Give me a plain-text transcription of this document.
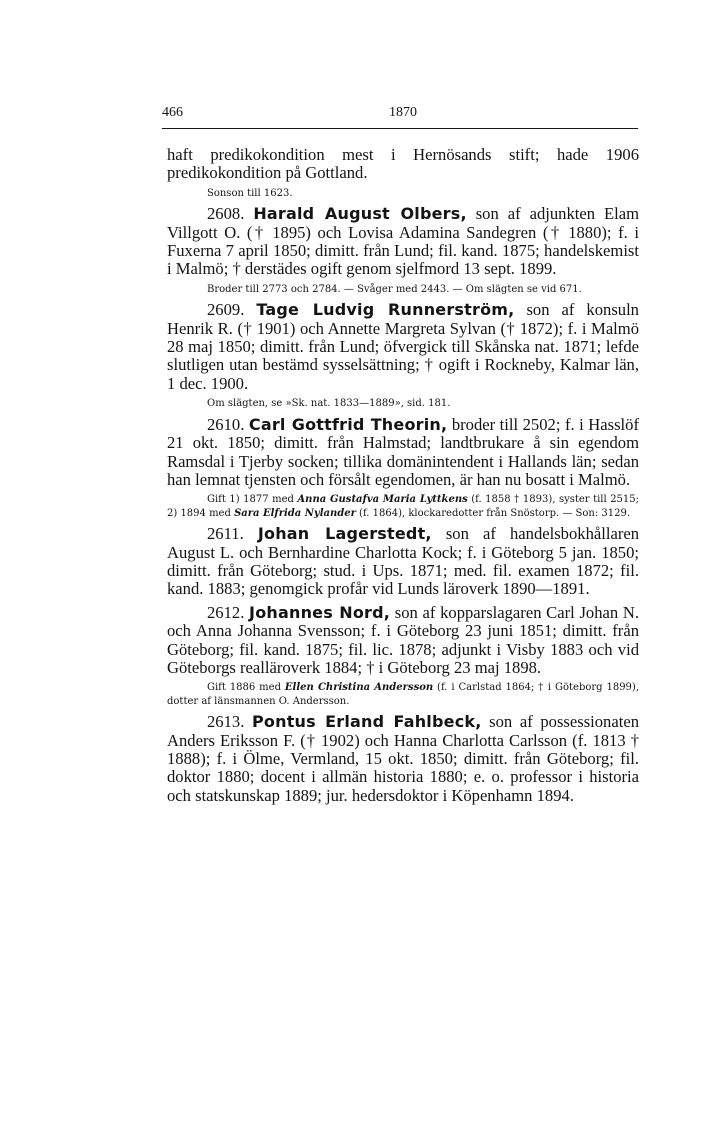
466	1870

haft predikokondition mest i Hernösands stift; hade 1906 predikokondition på Gottland.

Sonson till 1623.

2608. Harald August Olbers, son af adjunkten Elam Villgott O. († 1895) och Lovisa Adamina Sandegren († 1880); f. i Fuxerna 7 april 1850; dimitt. från Lund; fil. kand. 1875; handelskemist i Malmö; † derstädes ogift genom sjelfmord 13 sept. 1899.

Broder till 2773 och 2784. — Svåger med 2443. — Om slägten se vid 671.

2609. Tage Ludvig Runnerström, son af konsuln Henrik R. († 1901) och Annette Margreta Sylvan († 1872); f. i Malmö 28 maj 1850; dimitt. från Lund; öfvergick till Skånska nat. 1871; lefde slutligen utan bestämd sysselsättning; † ogift i Rockneby, Kalmar län, 1 dec. 1900.

Om slägten, se »Sk. nat. 1833—1889», sid. 181.

2610. Carl Gottfrid Theorin, broder till 2502; f. i Hasslöf 21 okt. 1850; dimitt. från Halmstad; landtbrukare å sin egendom Ramsdal i Tjerby socken; tillika domänintendent i Hallands län; sedan han lemnat tjensten och försålt egendomen, är han nu bosatt i Malmö.

Gift 1) 1877 med Anna Gustafva Maria Lyttkens (f. 1858 † 1893), syster till 2515; 2) 1894 med Sara Elfrida Nylander (f. 1864), klockaredotter från Snöstorp. — Son: 3129.

2611. Johan Lagerstedt, son af handelsbokhållaren August L. och Bernhardine Charlotta Kock; f. i Göteborg 5 jan. 1850; dimitt. från Göteborg; stud. i Ups. 1871; med. fil. examen 1872; fil. kand. 1883; genomgick profår vid Lunds läroverk 1890—1891.

2612. Johannes Nord, son af kopparslagaren Carl Johan N. och Anna Johanna Svensson; f. i Göteborg 23 juni 1851; dimitt. från Göteborg; fil. kand. 1875; fil. lic. 1878; adjunkt i Visby 1883 och vid Göteborgs realläroverk 1884; † i Göteborg 23 maj 1898.

Gift 1886 med Ellen Christina Andersson (f. i Carlstad 1864; † i Göteborg 1899), dotter af länsmannen O. Andersson.

2613. Pontus Erland Fahlbeck, son af possessionaten Anders Eriksson F. († 1902) och Hanna Charlotta Carlsson (f. 1813 † 1888); f. i Ölme, Vermland, 15 okt. 1850; dimitt. från Göteborg; fil. doktor 1880; docent i allmän historia 1880; e. o. professor i historia och statskunskap 1889; jur. hedersdoktor i Köpenhamn 1894.
